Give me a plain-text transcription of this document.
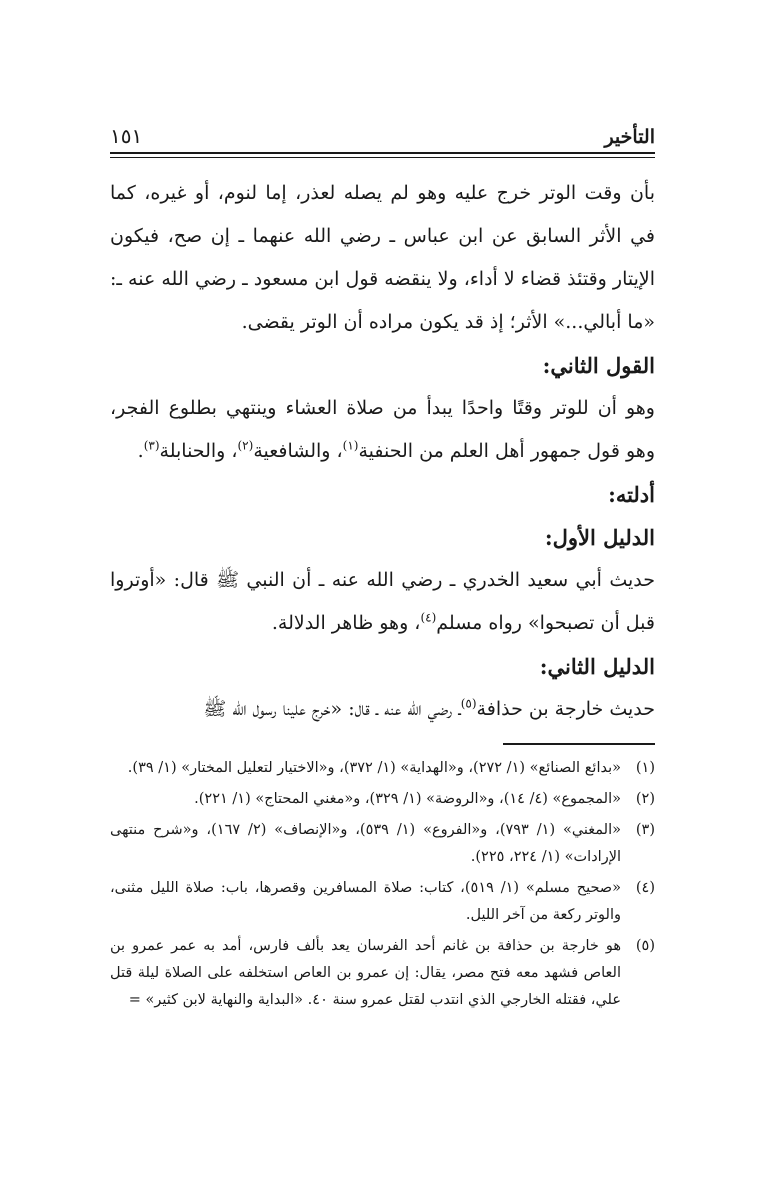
التأخير
١٥١

بأن وقت الوتر خرج عليه وهو لم يصله لعذر، إما لنوم، أو غيره، كما في الأثر السابق عن ابن عباس ـ رضي الله عنهما ـ إن صح، فيكون الإيتار وقتئذ قضاء لا أداء، ولا ينقضه قول ابن مسعود ـ رضي الله عنه ـ: «ما أبالي...» الأثر؛ إذ قد يكون مراده أن الوتر يقضى.

القول الثاني:

وهو أن للوتر وقتًا واحدًا يبدأ من صلاة العشاء وينتهي بطلوع الفجر، وهو قول جمهور أهل العلم من الحنفية$^{(١)}$، والشافعية$^{(٢)}$، والحنابلة$^{(٣)}$.

أدلته:

الدليل الأول:

حديث أبي سعيد الخدري ـ رضي الله عنه ـ أن النبي ﷺ قال: «أوتروا قبل أن تصبحوا» رواه مسلم$^{(٤)}$، وهو ظاهر الدلالة.

الدليل الثاني:

حديث خارجة بن حذافة$^{(٥)}$ـ رضي الله عنه ـ قال: «خرج علينا رسول الله ﷺ

(١)
«بدائع الصنائع» (١/ ٢٧٢)، و«الهداية» (١/ ٣٧٢)، و«الاختيار لتعليل المختار» (١/ ٣٩).
(٢)
«المجموع» (٤/ ١٤)، و«الروضة» (١/ ٣٢٩)، و«مغني المحتاج» (١/ ٢٢١).
(٣)
«المغني» (١/ ٧٩٣)، و«الفروع» (١/ ٥٣٩)، و«الإنصاف» (٢/ ١٦٧)، و«شرح منتهى الإرادات» (١/ ٢٢٤، ٢٢٥).
(٤)
«صحيح مسلم» (١/ ٥١٩)، كتاب: صلاة المسافرين وقصرها، باب: صلاة الليل مثنى، والوتر ركعة من آخر الليل.
(٥)
هو خارجة بن حذافة بن غانم أحد الفرسان يعد بألف فارس، أمد به عمر عمرو بن العاص فشهد معه فتح مصر، يقال: إن عمرو بن العاص استخلفه على الصلاة ليلة قتل علي، فقتله الخارجي الذي انتدب لقتل عمرو سنة ٤٠. «البداية والنهاية لابن كثير» =
